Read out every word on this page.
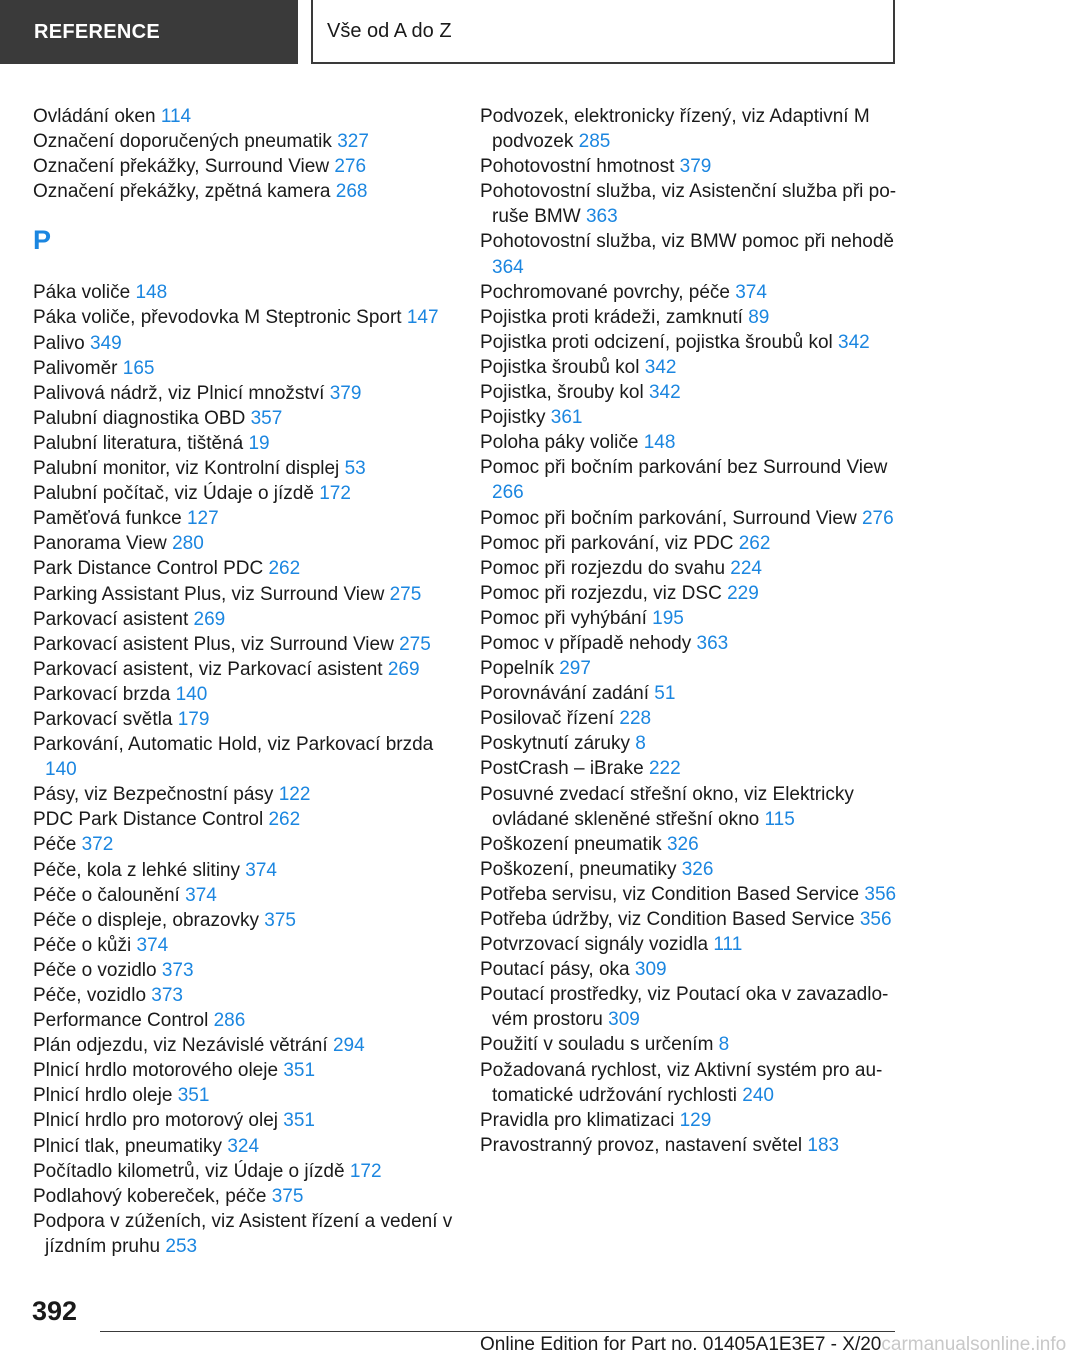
REFERENCE	Vše od A do Z
Ovládání oken 114
Označení doporučených pneumatik 327
Označení překážky, Surround View 276
Označení překážky, zpětná kamera 268
P
Páka voliče 148
Páka voliče, převodovka M Steptronic Sport 147
Palivo 349
Palivoměr 165
Palivová nádrž, viz Plnicí množství 379
Palubní diagnostika OBD 357
Palubní literatura, tištěná 19
Palubní monitor, viz Kontrolní displej 53
Palubní počítač, viz Údaje o jízdě 172
Paměťová funkce 127
Panorama View 280
Park Distance Control PDC 262
Parking Assistant Plus, viz Surround View 275
Parkovací asistent 269
Parkovací asistent Plus, viz Surround View 275
Parkovací asistent, viz Parkovací asistent 269
Parkovací brzda 140
Parkovací světla 179
Parkování, Automatic Hold, viz Parkovací brzda 140
Pásy, viz Bezpečnostní pásy 122
PDC Park Distance Control 262
Péče 372
Péče, kola z lehké slitiny 374
Péče o čalounění 374
Péče o displeje, obrazovky 375
Péče o kůži 374
Péče o vozidlo 373
Péče, vozidlo 373
Performance Control 286
Plán odjezdu, viz Nezávislé větrání 294
Plnicí hrdlo motorového oleje 351
Plnicí hrdlo oleje 351
Plnicí hrdlo pro motorový olej 351
Plnicí tlak, pneumatiky 324
Počítadlo kilometrů, viz Údaje o jízdě 172
Podlahový kobereček, péče 375
Podpora v zúženích, viz Asistent řízení a vedení v jízdním pruhu 253
Podvozek, elektronicky řízený, viz Adaptivní M podvozek 285
Pohotovostní hmotnost 379
Pohotovostní služba, viz Asistenční služba při poruše BMW 363
Pohotovostní služba, viz BMW pomoc při nehodě 364
Pochromované povrchy, péče 374
Pojistka proti krádeži, zamknutí 89
Pojistka proti odcizení, pojistka šroubů kol 342
Pojistka šroubů kol 342
Pojistka, šrouby kol 342
Pojistky 361
Poloha páky voliče 148
Pomoc při bočním parkování bez Surround View 266
Pomoc při bočním parkování, Surround View 276
Pomoc při parkování, viz PDC 262
Pomoc při rozjezdu do svahu 224
Pomoc při rozjezdu, viz DSC 229
Pomoc při vyhýbání 195
Pomoc v případě nehody 363
Popelník 297
Porovnávání zadání 51
Posilovač řízení 228
Poskytnutí záruky 8
PostCrash – iBrake 222
Posuvné zvedací střešní okno, viz Elektricky ovládané skleněné střešní okno 115
Poškození pneumatik 326
Poškození, pneumatiky 326
Potřeba servisu, viz Condition Based Service 356
Potřeba údržby, viz Condition Based Service 356
Potvrzovací signály vozidla 111
Poutací pásy, oka 309
Poutací prostředky, viz Poutací oka v zavazadlovém prostoru 309
Použití v souladu s určením 8
Požadovaná rychlost, viz Aktivní systém pro automatické udržování rychlosti 240
Pravidla pro klimatizaci 129
Pravostranný provoz, nastavení světel 183
392
Online Edition for Part no. 01405A1E3E7 - X/20carmanualsonline.info
